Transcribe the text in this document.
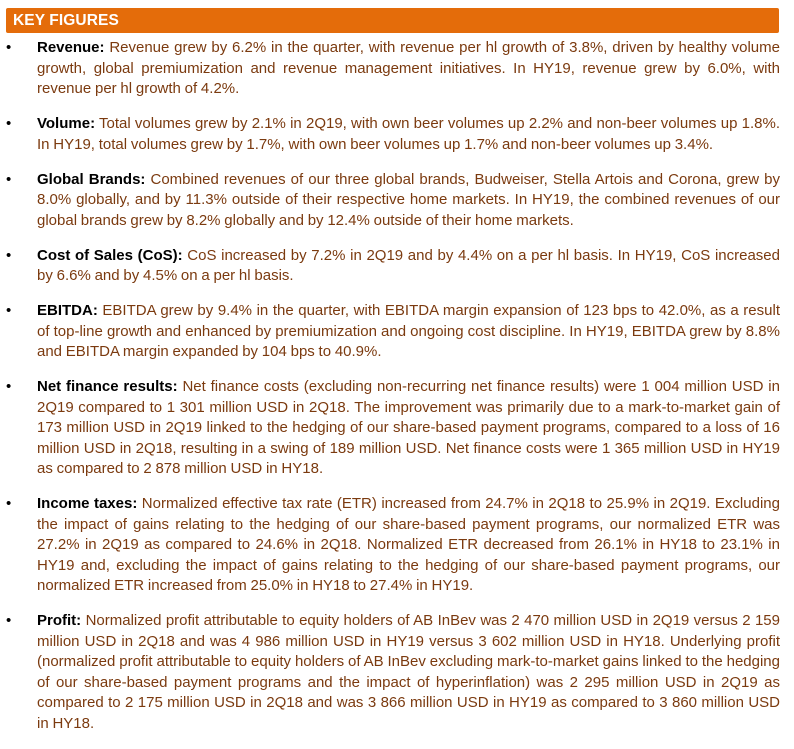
KEY FIGURES
• Revenue: Revenue grew by 6.2% in the quarter, with revenue per hl growth of 3.8%, driven by healthy volume growth, global premiumization and revenue management initiatives. In HY19, revenue grew by 6.0%, with revenue per hl growth of 4.2%.
• Volume: Total volumes grew by 2.1% in 2Q19, with own beer volumes up 2.2% and non-beer volumes up 1.8%. In HY19, total volumes grew by 1.7%, with own beer volumes up 1.7% and non-beer volumes up 3.4%.
• Global Brands: Combined revenues of our three global brands, Budweiser, Stella Artois and Corona, grew by 8.0% globally, and by 11.3% outside of their respective home markets. In HY19, the combined revenues of our global brands grew by 8.2% globally and by 12.4% outside of their home markets.
• Cost of Sales (CoS): CoS increased by 7.2% in 2Q19 and by 4.4% on a per hl basis. In HY19, CoS increased by 6.6% and by 4.5% on a per hl basis.
• EBITDA: EBITDA grew by 9.4% in the quarter, with EBITDA margin expansion of 123 bps to 42.0%, as a result of top-line growth and enhanced by premiumization and ongoing cost discipline. In HY19, EBITDA grew by 8.8% and EBITDA margin expanded by 104 bps to 40.9%.
• Net finance results: Net finance costs (excluding non-recurring net finance results) were 1 004 million USD in 2Q19 compared to 1 301 million USD in 2Q18. The improvement was primarily due to a mark-to-market gain of 173 million USD in 2Q19 linked to the hedging of our share-based payment programs, compared to a loss of 16 million USD in 2Q18, resulting in a swing of 189 million USD. Net finance costs were 1 365 million USD in HY19 as compared to 2 878 million USD in HY18.
• Income taxes: Normalized effective tax rate (ETR) increased from 24.7% in 2Q18 to 25.9% in 2Q19. Excluding the impact of gains relating to the hedging of our share-based payment programs, our normalized ETR was 27.2% in 2Q19 as compared to 24.6% in 2Q18. Normalized ETR decreased from 26.1% in HY18 to 23.1% in HY19 and, excluding the impact of gains relating to the hedging of our share-based payment programs, our normalized ETR increased from 25.0% in HY18 to 27.4% in HY19.
• Profit: Normalized profit attributable to equity holders of AB InBev was 2 470 million USD in 2Q19 versus 2 159 million USD in 2Q18 and was 4 986 million USD in HY19 versus 3 602 million USD in HY18. Underlying profit (normalized profit attributable to equity holders of AB InBev excluding mark-to-market gains linked to the hedging of our share-based payment programs and the impact of hyperinflation) was 2 295 million USD in 2Q19 as compared to 2 175 million USD in 2Q18 and was 3 866 million USD in HY19 as compared to 3 860 million USD in HY18.
